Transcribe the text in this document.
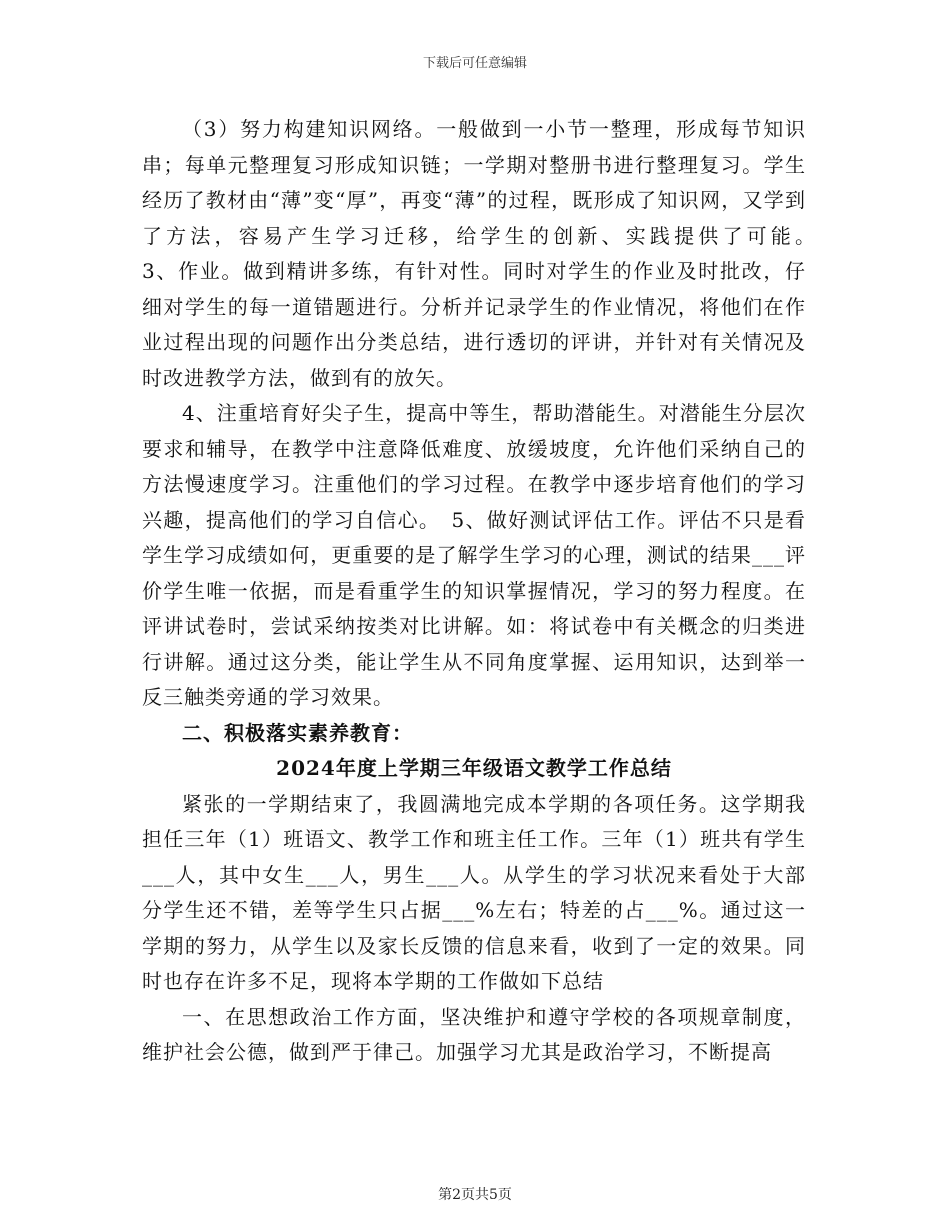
下载后可任意编辑

（3）努力构建知识网络。一般做到一小节一整理，形成每节知识串；每单元整理复习形成知识链；一学期对整册书进行整理复习。学生经历了教材由“薄”变“厚”，再变“薄”的过程，既形成了知识网，又学到了方法，容易产生学习迁移，给学生的创新、实践提供了可能。　　　3、作业。做到精讲多练，有针对性。同时对学生的作业及时批改，仔细对学生的每一道错题进行。分析并记录学生的作业情况，将他们在作业过程出现的问题作出分类总结，进行透切的评讲，并针对有关情况及时改进教学方法，做到有的放矢。

4、注重培育好尖子生，提高中等生，帮助潜能生。对潜能生分层次要求和辅导，在教学中注意降低难度、放缓坡度，允许他们采纳自己的方法慢速度学习。注重他们的学习过程。在教学中逐步培育他们的学习兴趣，提高他们的学习自信心。　5、做好测试评估工作。评估不只是看学生学习成绩如何，更重要的是了解学生学习的心理，测试的结果___评价学生唯一依据，而是看重学生的知识掌握情况，学习的努力程度。在评讲试卷时，尝试采纳按类对比讲解。如：将试卷中有关概念的归类进行讲解。通过这分类，能让学生从不同角度掌握、运用知识，达到举一反三触类旁通的学习效果。

二、积极落实素养教育：

2024年度上学期三年级语文教学工作总结

紧张的一学期结束了，我圆满地完成本学期的各项任务。这学期我担任三年（1）班语文、教学工作和班主任工作。三年（1）班共有学生___人，其中女生___人，男生___人。从学生的学习状况来看处于大部分学生还不错，差等学生只占据___%左右；特差的占___%。通过这一学期的努力，从学生以及家长反馈的信息来看，收到了一定的效果。同时也存在许多不足，现将本学期的工作做如下总结

一、在思想政治工作方面，坚决维护和遵守学校的各项规章制度，维护社会公德，做到严于律己。加强学习尤其是政治学习，不断提高

第2页共5页
